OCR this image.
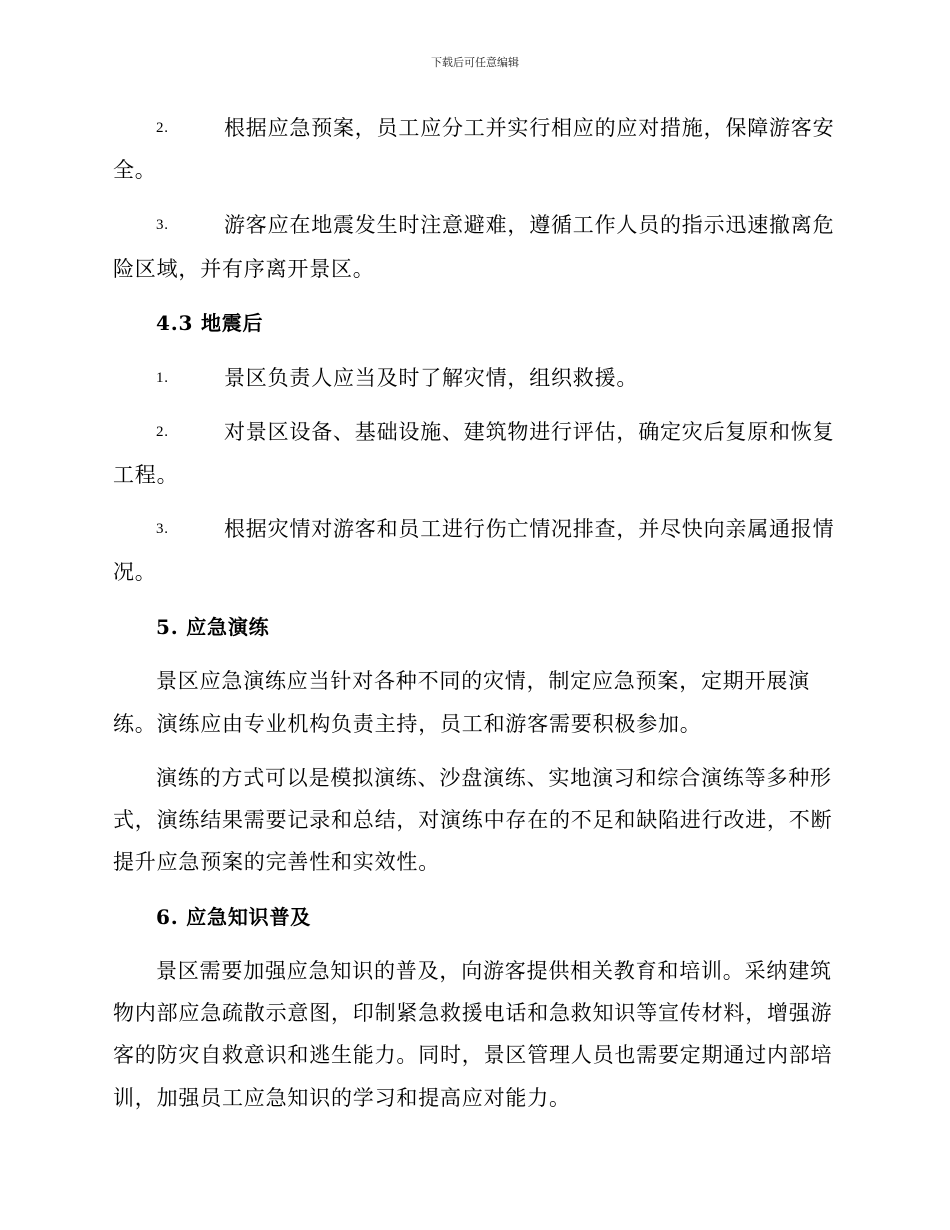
下载后可任意编辑
2.	根据应急预案，员工应分工并实行相应的应对措施，保障游客安
全。
3.	游客应在地震发生时注意避难，遵循工作人员的指示迅速撤离危
险区域，并有序离开景区。
4.3 地震后
1.	景区负责人应当及时了解灾情，组织救援。
2.	对景区设备、基础设施、建筑物进行评估，确定灾后复原和恢复
工程。
3.	根据灾情对游客和员工进行伤亡情况排查，并尽快向亲属通报情
况。
5. 应急演练
景区应急演练应当针对各种不同的灾情，制定应急预案，定期开展演
练。演练应由专业机构负责主持，员工和游客需要积极参加。
演练的方式可以是模拟演练、沙盘演练、实地演习和综合演练等多种形
式，演练结果需要记录和总结，对演练中存在的不足和缺陷进行改进，不断
提升应急预案的完善性和实效性。
6. 应急知识普及
景区需要加强应急知识的普及，向游客提供相关教育和培训。采纳建筑
物内部应急疏散示意图，印制紧急救援电话和急救知识等宣传材料，增强游
客的防灾自救意识和逃生能力。同时，景区管理人员也需要定期通过内部培
训，加强员工应急知识的学习和提高应对能力。
